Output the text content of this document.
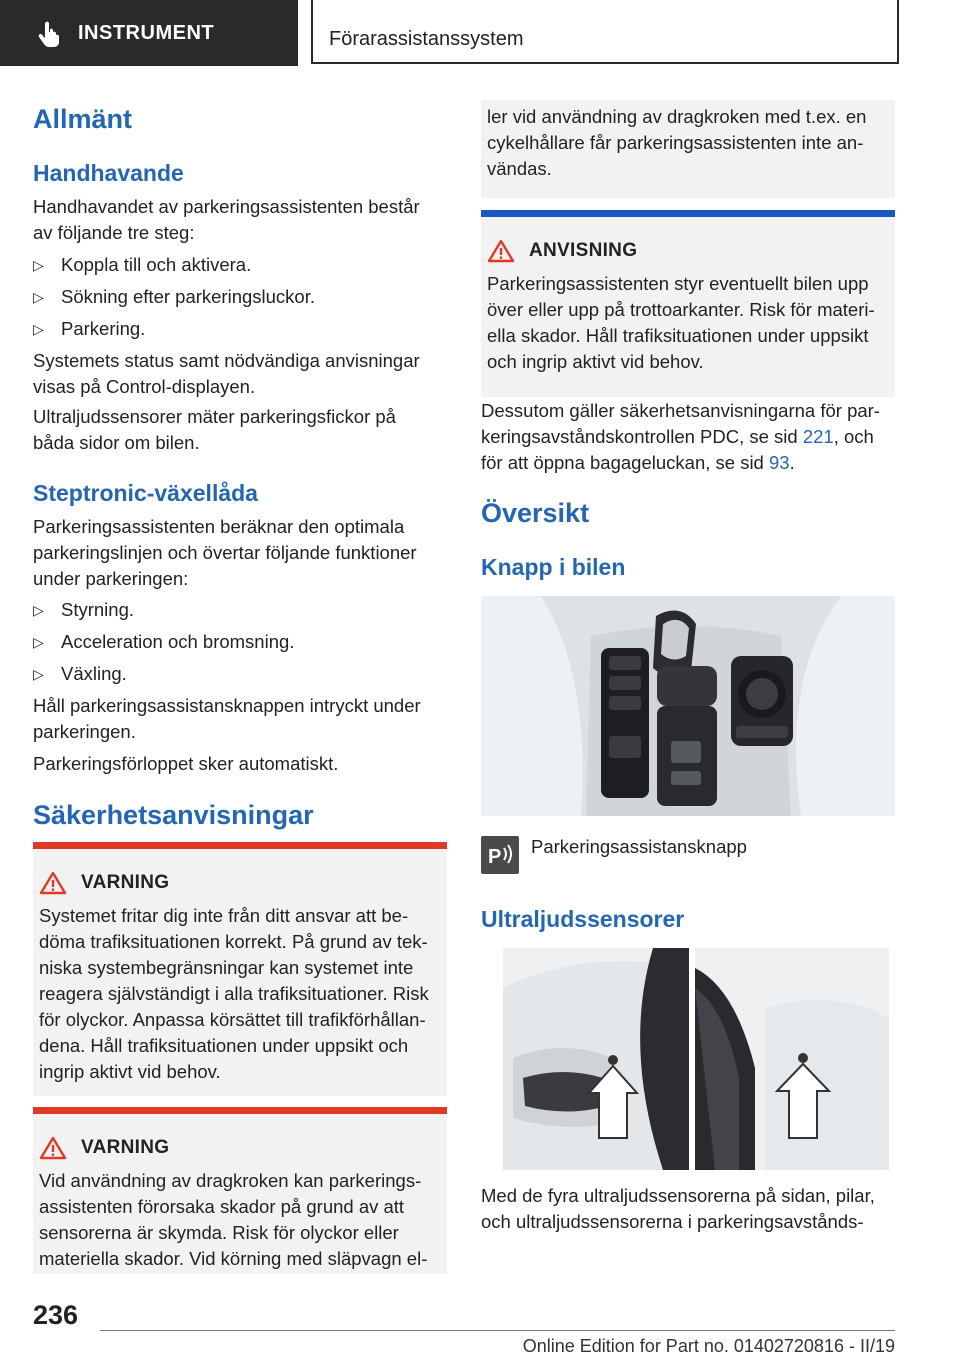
INSTRUMENT	Förarassistanssystem
Allmänt
Handhavande
Handhavandet av parkeringsassistenten består
av följande tre steg:
▷ Koppla till och aktivera.
▷ Sökning efter parkeringsluckor.
▷ Parkering.
Systemets status samt nödvändiga anvisningar
visas på Control-displayen.
Ultraljudssensorer mäter parkeringsfickor på
båda sidor om bilen.
Steptronic-växellåda
Parkeringsassistenten beräknar den optimala
parkeringslinjen och övertar följande funktioner
under parkeringen:
▷ Styrning.
▷ Acceleration och bromsning.
▷ Växling.
Håll parkeringsassistansknappen intryckt under
parkeringen.
Parkeringsförloppet sker automatiskt.
Säkerhetsanvisningar
VARNING
Systemet fritar dig inte från ditt ansvar att be-
döma trafiksituationen korrekt. På grund av tek-
niska systembegränsningar kan systemet inte
reagera självständigt i alla trafiksituationer. Risk
för olyckor. Anpassa körsättet till trafikförhållan-
dena. Håll trafiksituationen under uppsikt och
ingrip aktivt vid behov.
VARNING
Vid användning av dragkroken kan parkerings-
assistenten förorsaka skador på grund av att
sensorerna är skymda. Risk för olyckor eller
materiella skador. Vid körning med släpvagn el-
ler vid användning av dragkroken med t.ex. en
cykelhållare får parkeringsassistenten inte an-
vändas.
ANVISNING
Parkeringsassistenten styr eventuellt bilen upp
över eller upp på trottoarkanter. Risk för materi-
ella skador. Håll trafiksituationen under uppsikt
och ingrip aktivt vid behov.
Dessutom gäller säkerhetsanvisningarna för par-
keringsavståndskontrollen PDC, se sid 221, och
för att öppna bagageluckan, se sid 93.
Översikt
Knapp i bilen
P Parkeringsassistansknapp
Ultraljudssensorer
Med de fyra ultraljudssensorerna på sidan, pilar,
och ultraljudssensorerna i parkeringsavstånds-
236
Online Edition for Part no. 01402720816 - II/19
